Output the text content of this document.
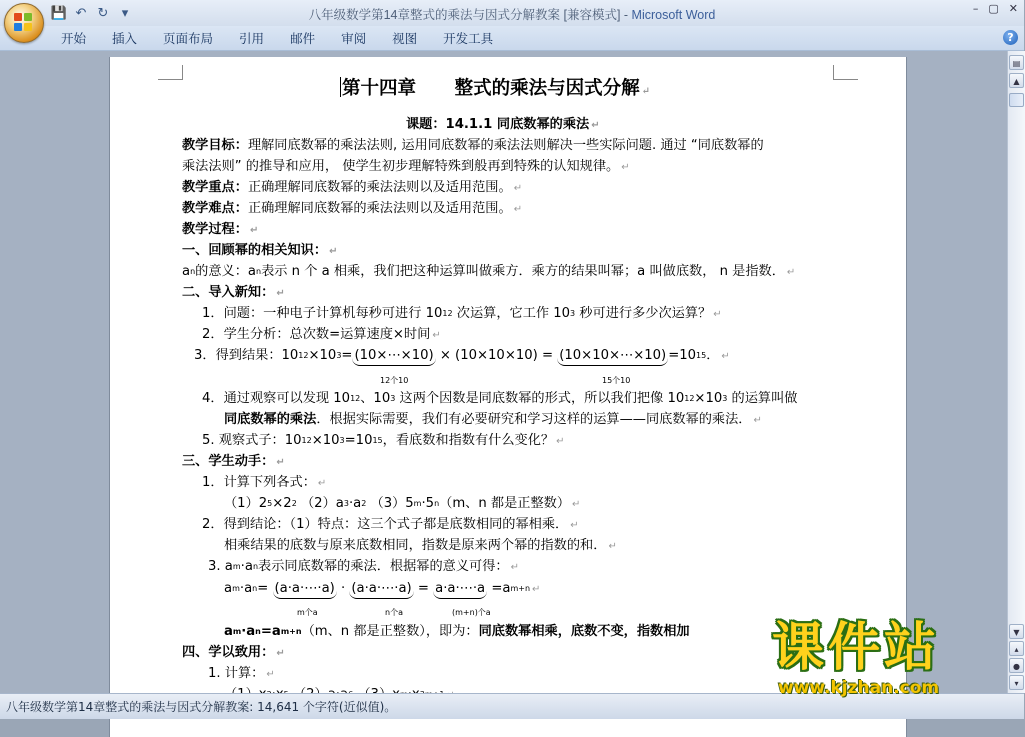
💾 ↶ ↻	▾	八年级数学第14章整式的乘法与因式分解教案 [兼容模式] - Microsoft Word	– ▢ ✕
开始	插入	页面布局	引用	邮件	审阅	视图	开发工具	?
第十四章 整式的乘法与因式分解 ↵
课题：14.1.1 同底数幂的乘法 ↵
教学目标：理解同底数幂的乘法法则, 运用同底数幂的乘法法则解决一些实际问题. 通过 “同底数幂的
乘法法则” 的推导和应用， 使学生初步理解特殊到般再到特殊的认知规律。 ↵
教学重点：正确理解同底数幂的乘法法则以及适用范围。 ↵
教学难点：正确理解同底数幂的乘法法则以及适用范围。 ↵
教学过程： ↵
一、回顾幂的相关知识： ↵
$a^n$的意义：$a^n$表示 n 个 a 相乘，我们把这种运算叫做乘方．乘方的结果叫幂；a 叫做底数， n 是指数． ↵
二、导入新知： ↵
1．问题：一种电子计算机每秒可进行 $10^{12}$ 次运算，它工作 $10^3$ 秒可进行多少次运算？ ↵
2．学生分析：总次数=运算速度×时间 ↵
3．得到结果：$10^{12}\times 10^3=$ (10×⋯×10) × (10×10×10) = (10×10×⋯×10) $=10^{15}$． ↵
12个10	15个10
4．通过观察可以发现 $10^{12}$、$10^3$ 这两个因数是同底数幂的形式，所以我们把像 $10^{12}\times 10^3$ 的运算叫做
同底数幂的乘法．根据实际需要，我们有必要研究和学习这样的运算——同底数幂的乘法． ↵
5. 观察式子：$10^{12}\times 10^3=10^{15}$，看底数和指数有什么变化？ ↵
三、学生动手： ↵
1．计算下列各式： ↵
$(1)2^5\times 2^2$ $(2)a^3\cdot a^2$ $(3)5^m\cdot 5^n(m$、n 都是正整数） ↵
2．得到结论：（1）特点：这三个式子都是底数相同的幂相乘． ↵
相乘结果的底数与原来底数相同，指数是原来两个幂的指数的和． ↵
3. $a^m\cdot a^n$表示同底数幂的乘法．根据幂的意义可得： ↵
$a^m\cdot a^n=$ (a·a·⋯·a) · (a·a·⋯·a) = a·a·⋯·a $=a^{m+n}$ ↵
m个a	n个a	(m+n)个a
$a^m\cdot a^n=a^{m+n}(m$、n 都是正整数），即为：同底数幂相乘，底数不变，指数相加
四、学以致用： ↵
1. 计算： ↵
▤
▲
▼
▴
●
▾
八年级数学第14章整式的乘法与因式分解教案: 14,641 个字符(近似值)。
课件站
www.kjzhan.com
